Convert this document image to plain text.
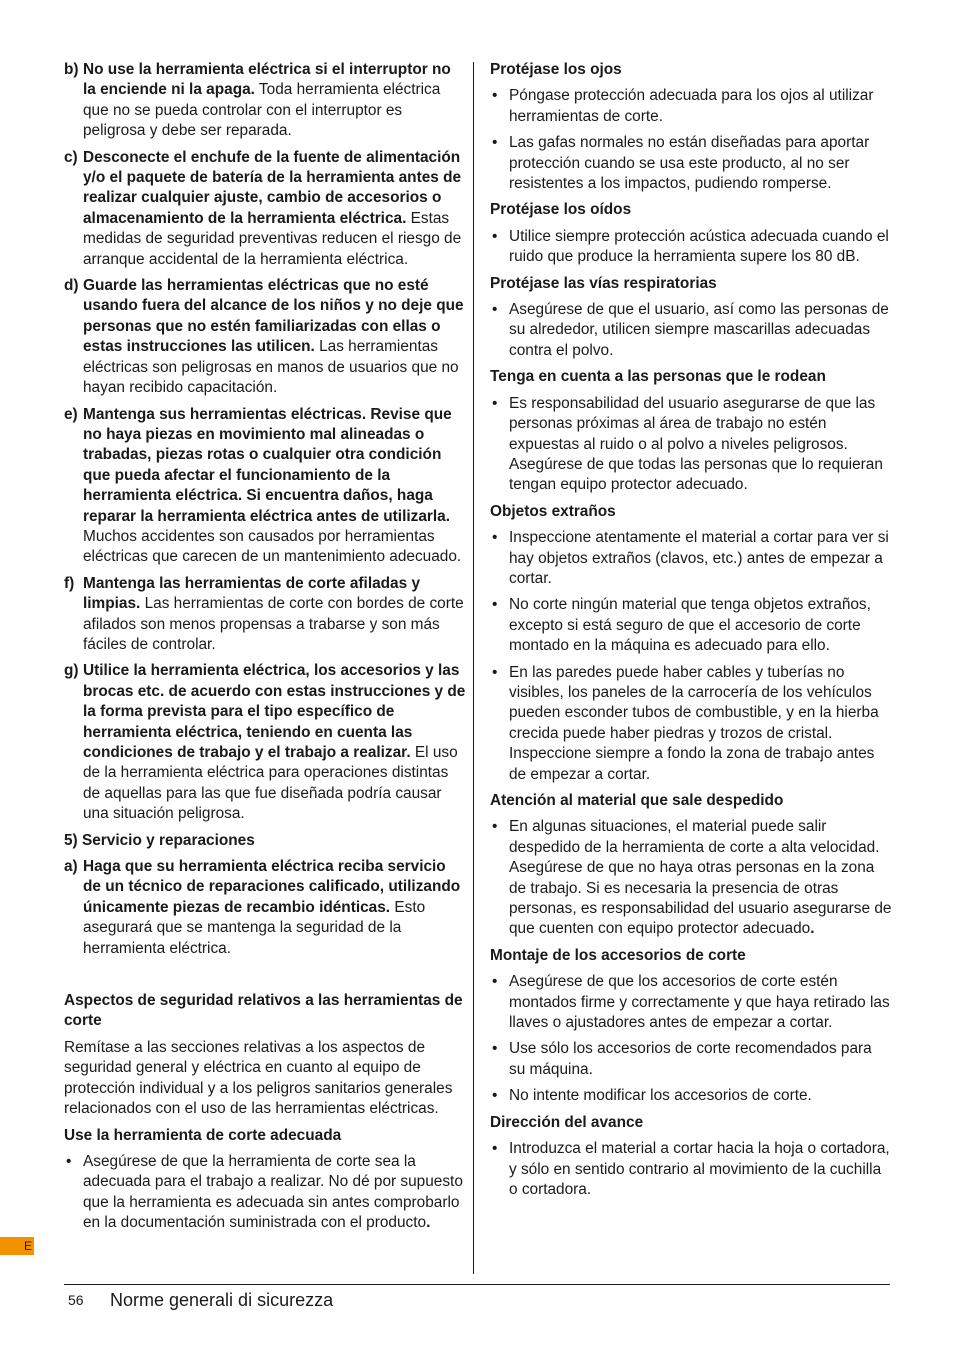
b) No use la herramienta eléctrica si el interruptor no la enciende ni la apaga. Toda herramienta eléctrica que no se pueda controlar con el interruptor es peligrosa y debe ser reparada.
c) Desconecte el enchufe de la fuente de alimentación y/o el paquete de batería de la herramienta antes de realizar cualquier ajuste, cambio de accesorios o almacenamiento de la herramienta eléctrica. Estas medidas de seguridad preventivas reducen el riesgo de arranque accidental de la herramienta eléctrica.
d) Guarde las herramientas eléctricas que no esté usando fuera del alcance de los niños y no deje que personas que no estén familiarizadas con ellas o estas instrucciones las utilicen. Las herramientas eléctricas son peligrosas en manos de usuarios que no hayan recibido capacitación.
e) Mantenga sus herramientas eléctricas. Revise que no haya piezas en movimiento mal alineadas o trabadas, piezas rotas o cualquier otra condición que pueda afectar el funcionamiento de la herramienta eléctrica. Si encuentra daños, haga reparar la herramienta eléctrica antes de utilizarla. Muchos accidentes son causados por herramientas eléctricas que carecen de un mantenimiento adecuado.
f) Mantenga las herramientas de corte afiladas y limpias. Las herramientas de corte con bordes de corte afilados son menos propensas a trabarse y son más fáciles de controlar.
g) Utilice la herramienta eléctrica, los accesorios y las brocas etc. de acuerdo con estas instrucciones y de la forma prevista para el tipo específico de herramienta eléctrica, teniendo en cuenta las condiciones de trabajo y el trabajo a realizar. El uso de la herramienta eléctrica para operaciones distintas de aquellas para las que fue diseñada podría causar una situación peligrosa.
5) Servicio y reparaciones
a) Haga que su herramienta eléctrica reciba servicio de un técnico de reparaciones calificado, utilizando únicamente piezas de recambio idénticas. Esto asegurará que se mantenga la seguridad de la herramienta eléctrica.
Aspectos de seguridad relativos a las herramientas de corte
Remítase a las secciones relativas a los aspectos de seguridad general y eléctrica en cuanto al equipo de protección individual y a los peligros sanitarios generales relacionados con el uso de las herramientas eléctricas.
Use la herramienta de corte adecuada
• Asegúrese de que la herramienta de corte sea la adecuada para el trabajo a realizar. No dé por supuesto que la herramienta es adecuada sin antes comprobarlo en la documentación suministrada con el producto.
Protéjase los ojos
• Póngase protección adecuada para los ojos al utilizar herramientas de corte.
• Las gafas normales no están diseñadas para aportar protección cuando se usa este producto, al no ser resistentes a los impactos, pudiendo romperse.
Protéjase los oídos
• Utilice siempre protección acústica adecuada cuando el ruido que produce la herramienta supere los 80 dB.
Protéjase las vías respiratorias
• Asegúrese de que el usuario, así como las personas de su alrededor, utilicen siempre mascarillas adecuadas contra el polvo.
Tenga en cuenta a las personas que le rodean
• Es responsabilidad del usuario asegurarse de que las personas próximas al área de trabajo no estén expuestas al ruido o al polvo a niveles peligrosos. Asegúrese de que todas las personas que lo requieran tengan equipo protector adecuado.
Objetos extraños
• Inspeccione atentamente el material a cortar para ver si hay objetos extraños (clavos, etc.) antes de empezar a cortar.
• No corte ningún material que tenga objetos extraños, excepto si está seguro de que el accesorio de corte montado en la máquina es adecuado para ello.
• En las paredes puede haber cables y tuberías no visibles, los paneles de la carrocería de los vehículos pueden esconder tubos de combustible, y en la hierba crecida puede haber piedras y trozos de cristal. Inspeccione siempre a fondo la zona de trabajo antes de empezar a cortar.
Atención al material que sale despedido
• En algunas situaciones, el material puede salir despedido de la herramienta de corte a alta velocidad. Asegúrese de que no haya otras personas en la zona de trabajo. Si es necesaria la presencia de otras personas, es responsabilidad del usuario asegurarse de que cuenten con equipo protector adecuado.
Montaje de los accesorios de corte
• Asegúrese de que los accesorios de corte estén montados firme y correctamente y que haya retirado las llaves o ajustadores antes de empezar a cortar.
• Use sólo los accesorios de corte recomendados para su máquina.
• No intente modificar los accesorios de corte.
Dirección del avance
• Introduzca el material a cortar hacia la hoja o cortadora, y sólo en sentido contrario al movimiento de la cuchilla o cortadora.
E
56 Norme generali di sicurezza
